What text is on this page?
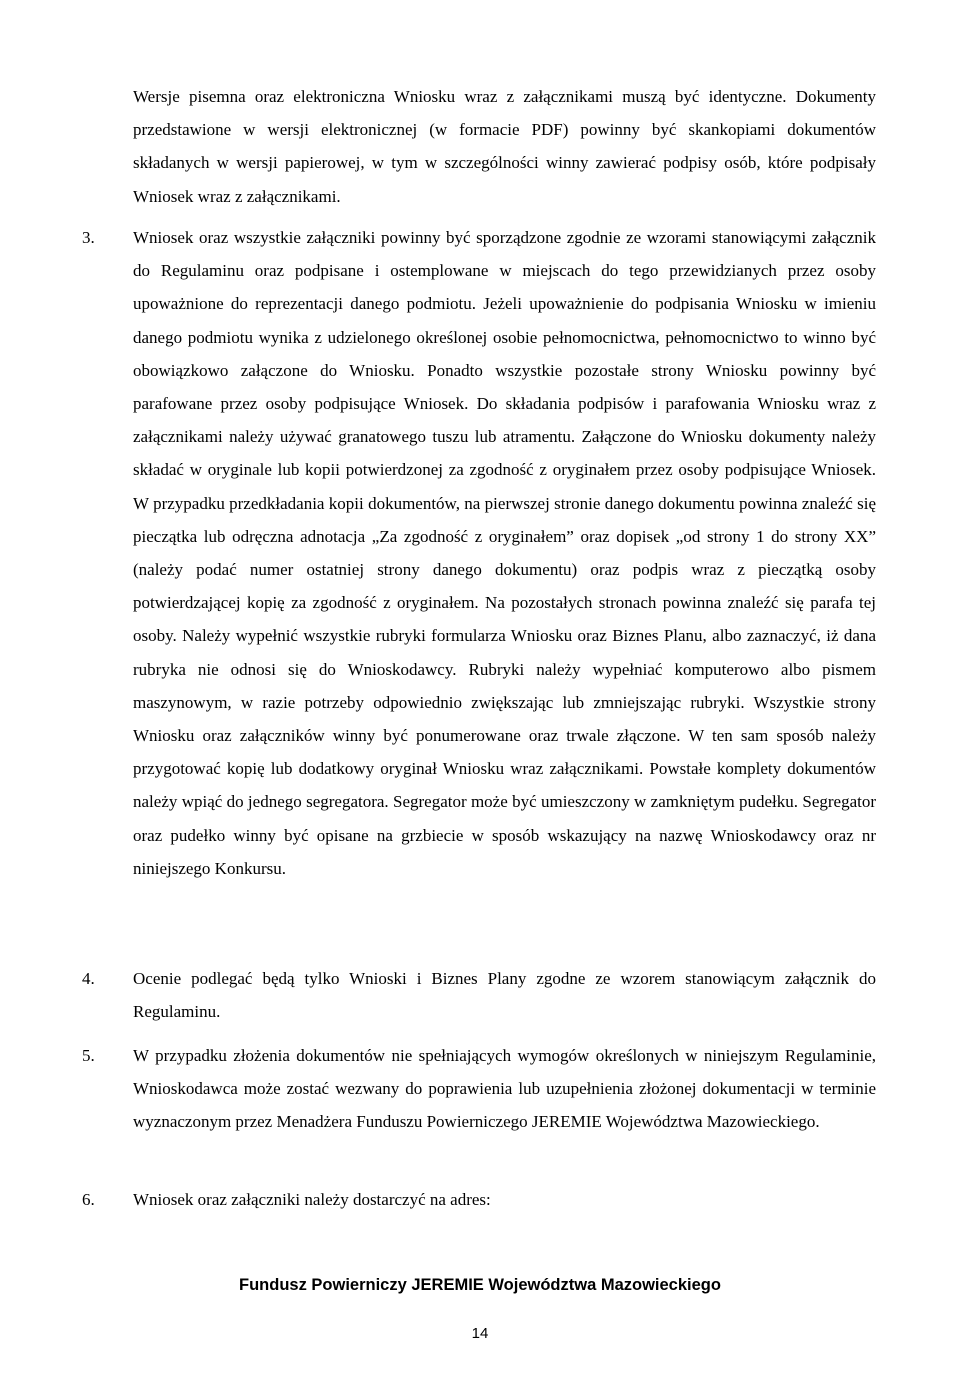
Wersje pisemna oraz elektroniczna Wniosku wraz z załącznikami muszą być identyczne. Dokumenty przedstawione w wersji elektronicznej (w formacie PDF) powinny być skankopiami dokumentów składanych w wersji papierowej, w tym w szczególności winny zawierać podpisy osób, które podpisały Wniosek wraz z załącznikami.

3. Wniosek oraz wszystkie załączniki powinny być sporządzone zgodnie ze wzorami stanowiącymi załącznik do Regulaminu oraz podpisane i ostemplowane w miejscach do tego przewidzianych przez osoby upoważnione do reprezentacji danego podmiotu. Jeżeli upoważnienie do podpisania Wniosku w imieniu danego podmiotu wynika z udzielonego określonej osobie pełnomocnictwa, pełnomocnictwo to winno być obowiązkowo załączone do Wniosku. Ponadto wszystkie pozostałe strony Wniosku powinny być parafowane przez osoby podpisujące Wniosek. Do składania podpisów i parafowania Wniosku wraz z załącznikami należy używać granatowego tuszu lub atramentu. Załączone do Wniosku dokumenty należy składać w oryginale lub kopii potwierdzonej za zgodność z oryginałem przez osoby podpisujące Wniosek. W przypadku przedkładania kopii dokumentów, na pierwszej stronie danego dokumentu powinna znaleźć się pieczątka lub odręczna adnotacja „Za zgodność z oryginałem” oraz dopisek „od strony 1 do strony XX” (należy podać numer ostatniej strony danego dokumentu) oraz podpis wraz z pieczątką osoby potwierdzającej kopię za zgodność z oryginałem. Na pozostałych stronach powinna znaleźć się parafa tej osoby. Należy wypełnić wszystkie rubryki formularza Wniosku oraz Biznes Planu, albo zaznaczyć, iż dana rubryka nie odnosi się do Wnioskodawcy. Rubryki należy wypełniać komputerowo albo pismem maszynowym, w razie potrzeby odpowiednio zwiększając lub zmniejszając rubryki. Wszystkie strony Wniosku oraz załączników winny być ponumerowane oraz trwale złączone. W ten sam sposób należy przygotować kopię lub dodatkowy oryginał Wniosku wraz załącznikami. Powstałe komplety dokumentów należy wpiąć do jednego segregatora. Segregator może być umieszczony w zamkniętym pudełku. Segregator oraz pudełko winny być opisane na grzbiecie w sposób wskazujący na nazwę Wnioskodawcy oraz nr niniejszego Konkursu.

4. Ocenie podlegać będą tylko Wnioski i Biznes Plany zgodne ze wzorem stanowiącym załącznik do Regulaminu.

5. W przypadku złożenia dokumentów nie spełniających wymogów określonych w niniejszym Regulaminie, Wnioskodawca może zostać wezwany do poprawienia lub uzupełnienia złożonej dokumentacji w terminie wyznaczonym przez Menadżera Funduszu Powierniczego JEREMIE Województwa Mazowieckiego.

6. Wniosek oraz załączniki należy dostarczyć na adres:

Fundusz Powierniczy JEREMIE Województwa Mazowieckiego
14
